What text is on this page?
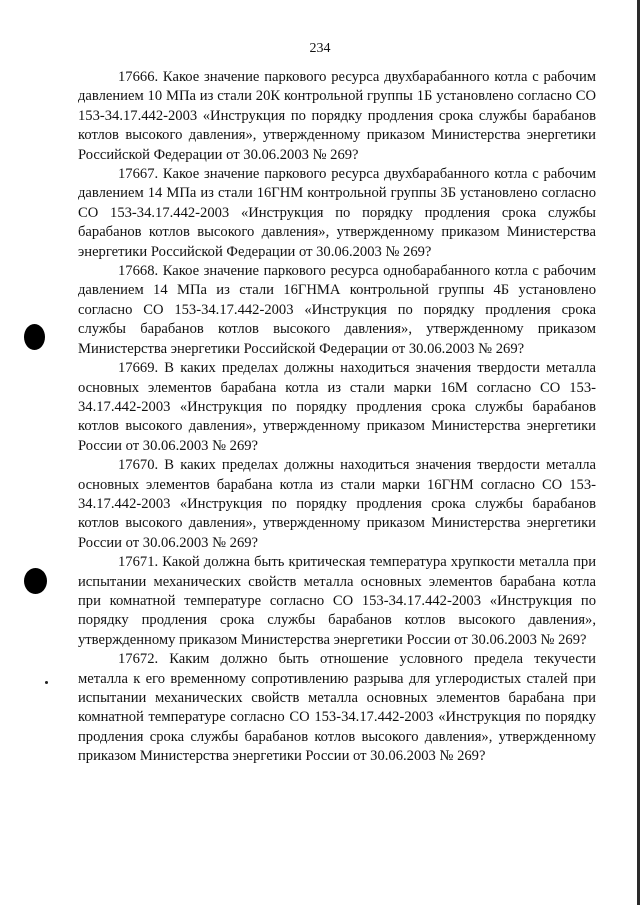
234

17666. Какое значение паркового ресурса двухбарабанного котла с рабочим давлением 10 МПа из стали 20К контрольной группы 1Б установлено согласно СО 153-34.17.442-2003 «Инструкция по порядку продления срока службы барабанов котлов высокого давления», утвержденному приказом Министерства энергетики Российской Федерации от 30.06.2003 № 269?

17667. Какое значение паркового ресурса двухбарабанного котла с рабочим давлением 14 МПа из стали 16ГНМ контрольной группы 3Б установлено согласно СО 153-34.17.442-2003 «Инструкция по порядку продления срока службы барабанов котлов высокого давления», утвержденному приказом Министерства энергетики Российской Федерации от 30.06.2003 № 269?

17668. Какое значение паркового ресурса однобарабанного котла с рабочим давлением 14 МПа из стали 16ГНМА контрольной группы 4Б установлено согласно СО 153-34.17.442-2003 «Инструкция по порядку продления срока службы барабанов котлов высокого давления», утвержденному приказом Министерства энергетики Российской Федерации от 30.06.2003 № 269?

17669. В каких пределах должны находиться значения твердости металла основных элементов барабана котла из стали марки 16М согласно СО 153-34.17.442-2003 «Инструкция по порядку продления срока службы барабанов котлов высокого давления», утвержденному приказом Министерства энергетики России от 30.06.2003 № 269?

17670. В каких пределах должны находиться значения твердости металла основных элементов барабана котла из стали марки 16ГНМ согласно СО 153-34.17.442-2003 «Инструкция по порядку продления срока службы барабанов котлов высокого давления», утвержденному приказом Министерства энергетики России от 30.06.2003 № 269?

17671. Какой должна быть критическая температура хрупкости металла при испытании механических свойств металла основных элементов барабана котла при комнатной температуре согласно СО 153-34.17.442-2003 «Инструкция по порядку продления срока службы барабанов котлов высокого давления», утвержденному приказом Министерства энергетики России от 30.06.2003 № 269?

17672. Каким должно быть отношение условного предела текучести металла к его временному сопротивлению разрыва для углеродистых сталей при испытании механических свойств металла основных элементов барабана при комнатной температуре согласно СО 153-34.17.442-2003 «Инструкция по порядку продления срока службы барабанов котлов высокого давления», утвержденному приказом Министерства энергетики России от 30.06.2003 № 269?
